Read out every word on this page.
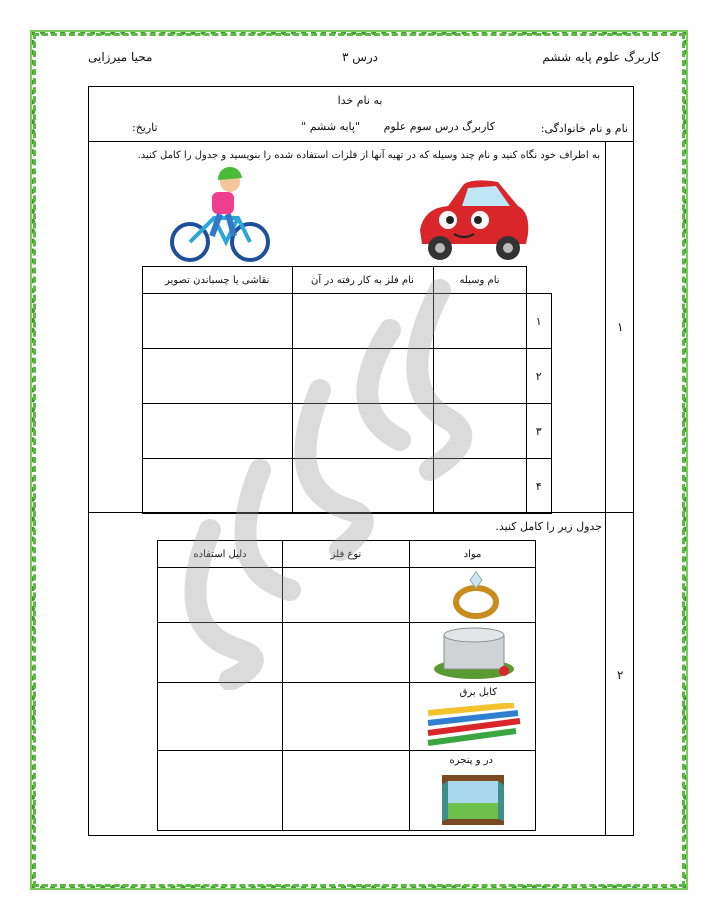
کاربرگ علوم پایه ششم
درس ۳
محیا میرزایی
به نام خدا
نام و نام خانوادگی:
کاربرگ درس سوم علوم
"پایه ششم "
تاریخ:
۱
به اطراف خود نگاه کنید و نام چند وسیله که در تهیه آنها از فلزات استفاده شده را بنویسید و جدول را کامل کنید.
	نام وسیله	نام فلز به کار رفته در آن	نقاشی یا چسباندن تصویر
۱			
۲			
۳			
۴			
۲
جدول زیر را کامل کنید.
مواد	نوع فلز	دلیل استفاده

کابل برق		

در و پنجره		
